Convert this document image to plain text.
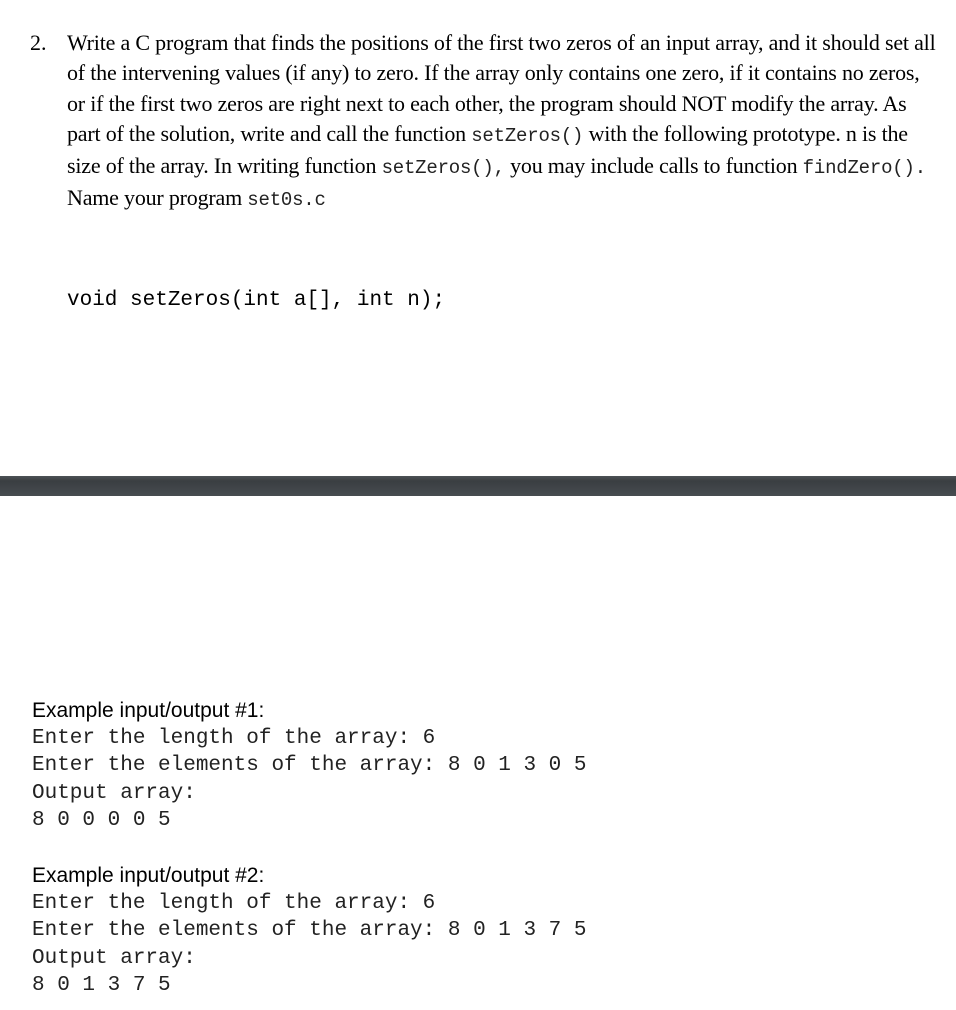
2. Write a C program that finds the positions of the first two zeros of an input array, and it should set all of the intervening values (if any) to zero. If the array only contains one zero, if it contains no zeros, or if the first two zeros are right next to each other, the program should NOT modify the array. As part of the solution, write and call the function setZeros() with the following prototype. n is the size of the array. In writing function setZeros(), you may include calls to function findZero(). Name your program set0s.c
void setZeros(int a[], int n);
Example input/output #1:
Enter the length of the array: 6
Enter the elements of the array: 8 0 1 3 0 5
Output array:
8 0 0 0 0 5
Example input/output #2:
Enter the length of the array: 6
Enter the elements of the array: 8 0 1 3 7 5
Output array:
8 0 1 3 7 5
